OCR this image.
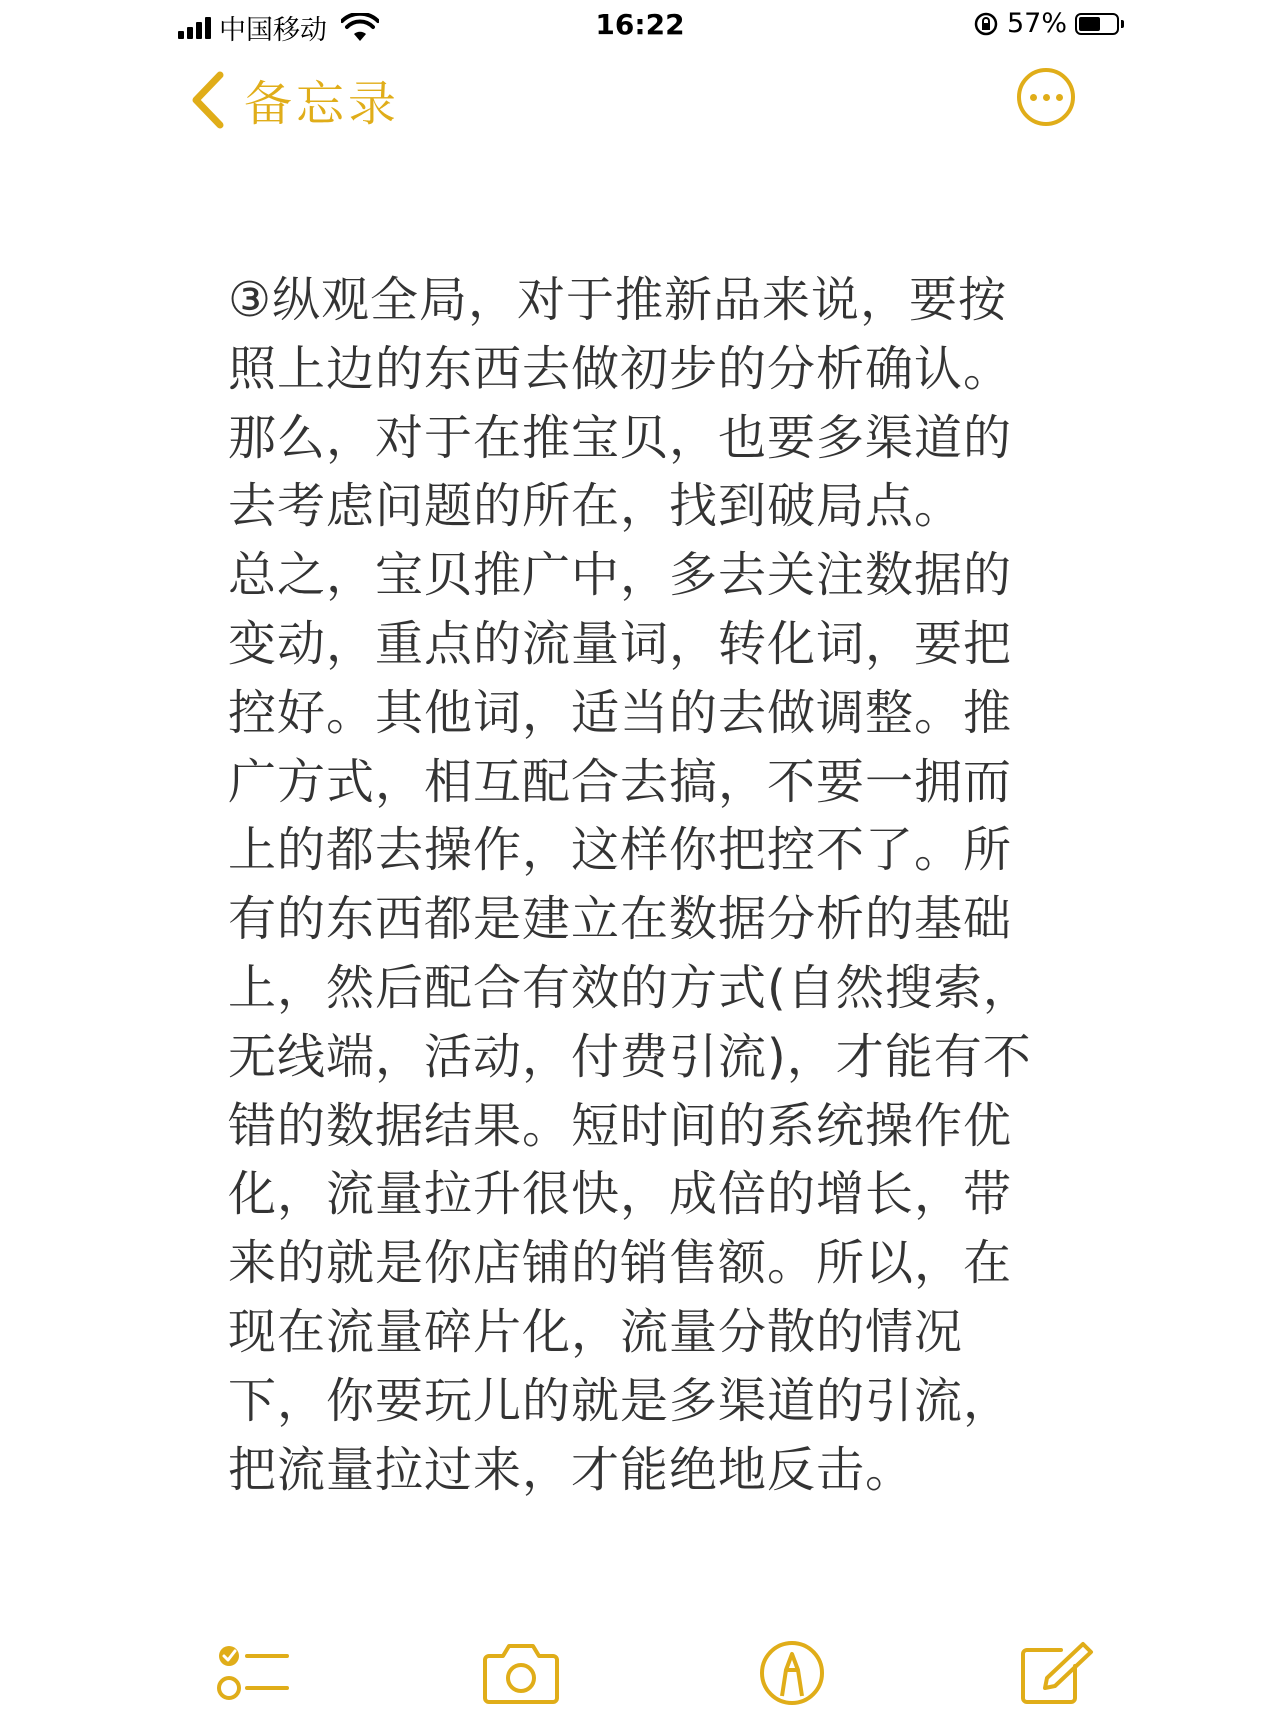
中国移动	16:22	57%
备忘录

③纵观全局，对于推新品来说，要按

照上边的东西去做初步的分析确认。

那么，对于在推宝贝，也要多渠道的

去考虑问题的所在，找到破局点。

总之，宝贝推广中，多去关注数据的

变动，重点的流量词，转化词，要把

控好。其他词，适当的去做调整。推

广方式，相互配合去搞，不要一拥而

上的都去操作，这样你把控不了。所

有的东西都是建立在数据分析的基础

上，然后配合有效的方式(自然搜索，

无线端，活动，付费引流)，才能有不

错的数据结果。短时间的系统操作优

化，流量拉升很快，成倍的增长，带

来的就是你店铺的销售额。所以，在

现在流量碎片化，流量分散的情况

下，你要玩儿的就是多渠道的引流，

把流量拉过来，才能绝地反击。
